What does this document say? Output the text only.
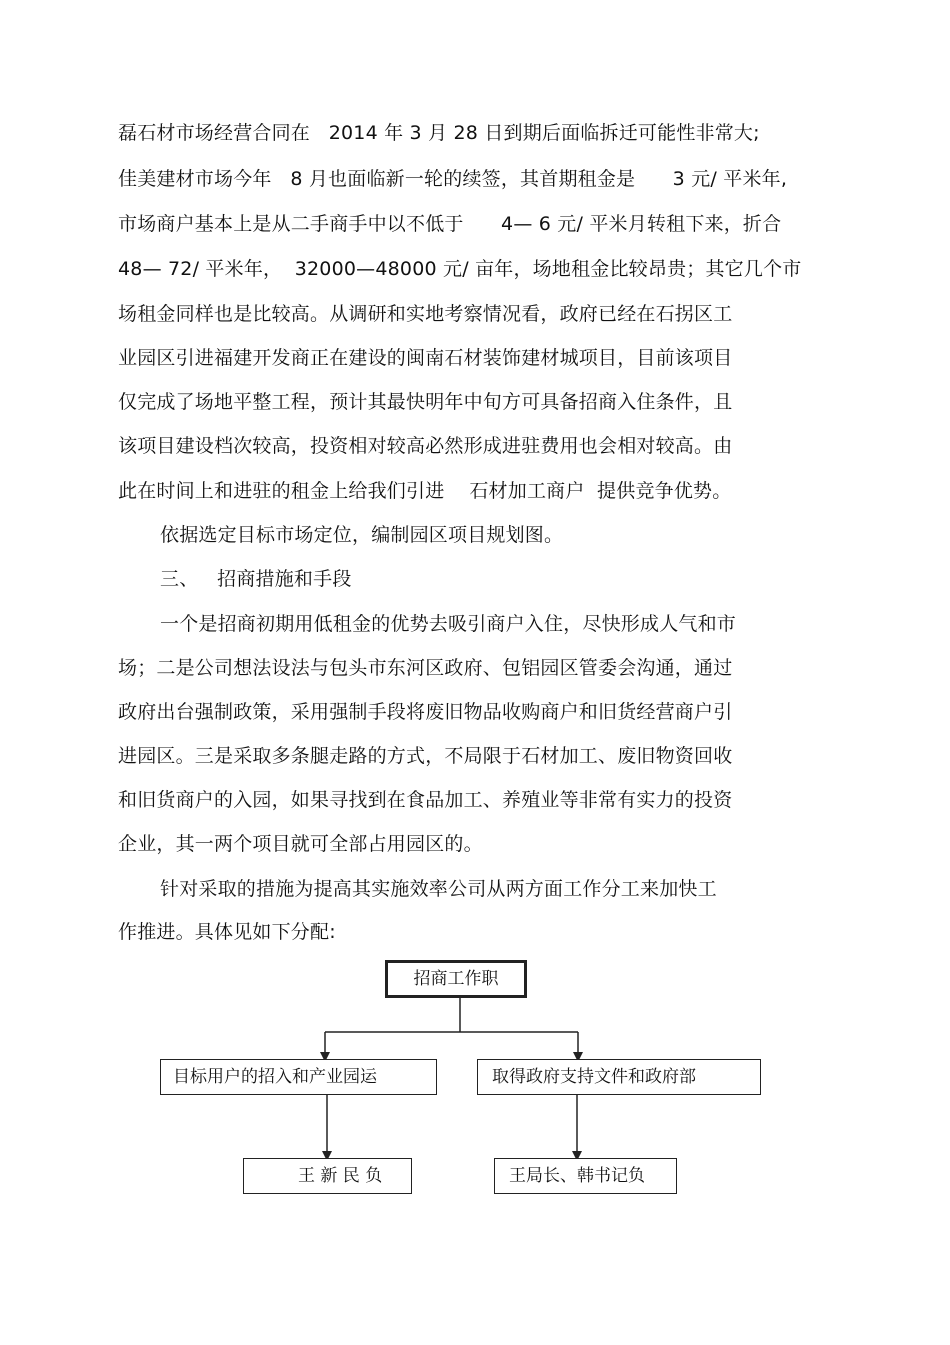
磊石材市场经营合同在   2014 年 3 月 28 日到期后面临拆迁可能性非常大;
佳美建材市场今年   8 月也面临新一轮的续签，其首期租金是      3 元/ 平米年,
市场商户基本上是从二手商手中以不低于      4— 6 元/ 平米月转租下来，折合
48— 72/ 平米年，  32000—48000 元/ 亩年，场地租金比较昂贵；其它几个市
场租金同样也是比较高。从调研和实地考察情况看，政府已经在石拐区工
业园区引进福建开发商正在建设的闽南石材装饰建材城项目，目前该项目
仅完成了场地平整工程，预计其最快明年中旬方可具备招商入住条件，且
该项目建设档次较高，投资相对较高必然形成进驻费用也会相对较高。由
此在时间上和进驻的租金上给我们引进    石材加工商户  提供竞争优势。
依据选定目标市场定位，编制园区项目规划图。
三、   招商措施和手段
一个是招商初期用低租金的优势去吸引商户入住，尽快形成人气和市
场；二是公司想法设法与包头市东河区政府、包铝园区管委会沟通，通过
政府出台强制政策，采用强制手段将废旧物品收购商户和旧货经营商户引
进园区。三是采取多条腿走路的方式，不局限于石材加工、废旧物资回收
和旧货商户的入园，如果寻找到在食品加工、养殖业等非常有实力的投资
企业，其一两个项目就可全部占用园区的。
针对采取的措施为提高其实施效率公司从两方面工作分工来加快工
作推进。具体见如下分配:
招商工作职
目标用户的招入和产业园运	取得政府支持文件和政府部
王 新 民 负	王局长、韩书记负
